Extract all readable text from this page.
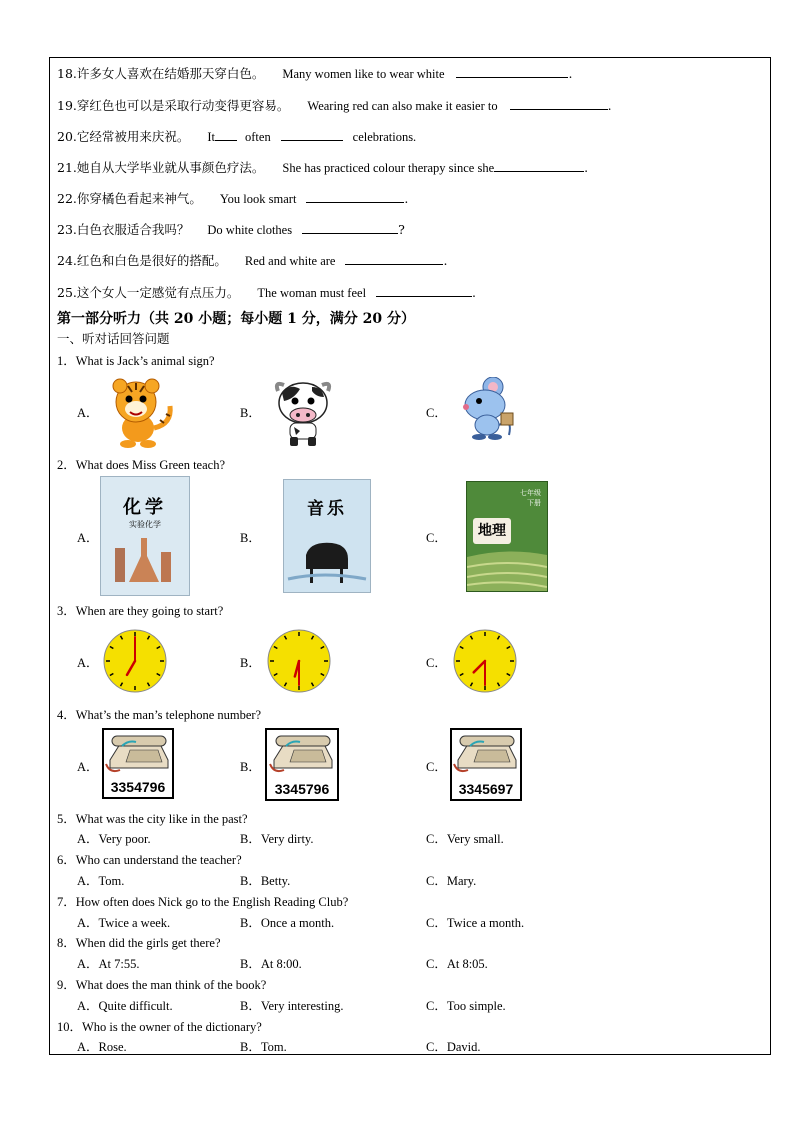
18.许多女人喜欢在结婚那天穿白色。 Many women like to wear white	.
19.穿红色也可以是采取行动变得更容易。 Wearing red can also make it easier to	.
20.它经常被用来庆祝。 It often	celebrations.
21.她自从大学毕业就从事颜色疗法。 She has practiced colour therapy since she	.
22.你穿橘色看起来神气。 You look smart	.
23.白色衣服适合我吗？ Do white clothes	?
24.红色和白色是很好的搭配。 Red and white are	.
25.这个女人一定感觉有点压力。 The woman must feel	.
第一部分听力（共 20 小题；每小题 1 分，满分 20 分）
一、听对话回答问题
1．What is Jack’s animal sign?
A．	B．	C．
2．What does Miss Green teach?
A．	B．	C．
化学
实验化学
音乐
七年级 下册
地理
3．When are they going to start?
A．	B．	C．
4．What’s the man’s telephone number?
A．	B．	C．
3354796	3345796	3345697
5．What was the city like in the past?
A．Very poor.	B．Very dirty.	C．Very small.
6．Who can understand the teacher?
A．Tom.	B．Betty.	C．Mary.
7．How often does Nick go to the English Reading Club?
A．Twice a week.	B．Once a month.	C．Twice a month.
8．When did the girls get there?
A．At 7:55.	B．At 8:00.	C．At 8:05.
9．What does the man think of the book?
A．Quite difficult.	B．Very interesting.	C．Too simple.
10．Who is the owner of the dictionary?
A．Rose.	B．Tom.	C．David.
